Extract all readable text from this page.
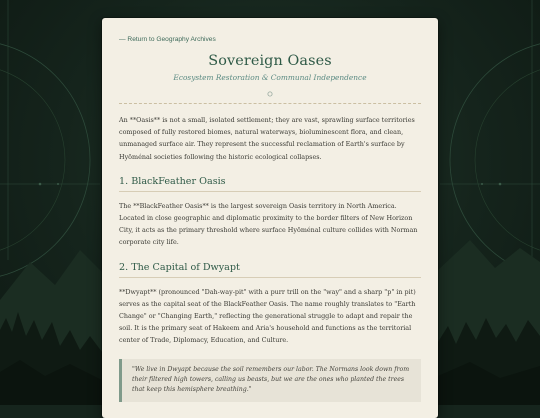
— Return to Geography Archives
Sovereign Oases
Ecosystem Restoration & Communal Independence

An **Oasis** is not a small, isolated settlement; they are vast, sprawling surface territories composed of fully restored biomes, natural waterways, bioluminescent flora, and clean, unmanaged surface air. They represent the successful reclamation of Earth's surface by Hyōménal societies following the historic ecological collapses.

1. BlackFeather Oasis

The **BlackFeather Oasis** is the largest sovereign Oasis territory in North America. Located in close geographic and diplomatic proximity to the border filters of New Horizon City, it acts as the primary threshold where surface Hyōménal culture collides with Norman corporate city life.

2. The Capital of Dwyapt

**Dwyapt** (pronounced "Dah-way-pit" with a purr trill on the "way" and a sharp "p" in pit) serves as the capital seat of the BlackFeather Oasis. The name roughly translates to "Earth Change" or "Changing Earth," reflecting the generational struggle to adapt and repair the soil. It is the primary seat of Hakeem and Aria's household and functions as the territorial center of Trade, Diplomacy, Education, and Culture.

"We live in Dwyapt because the soil remembers our labor. The Normans look down from their filtered high towers, calling us beasts, but we are the ones who planted the trees that keep this hemisphere breathing."
